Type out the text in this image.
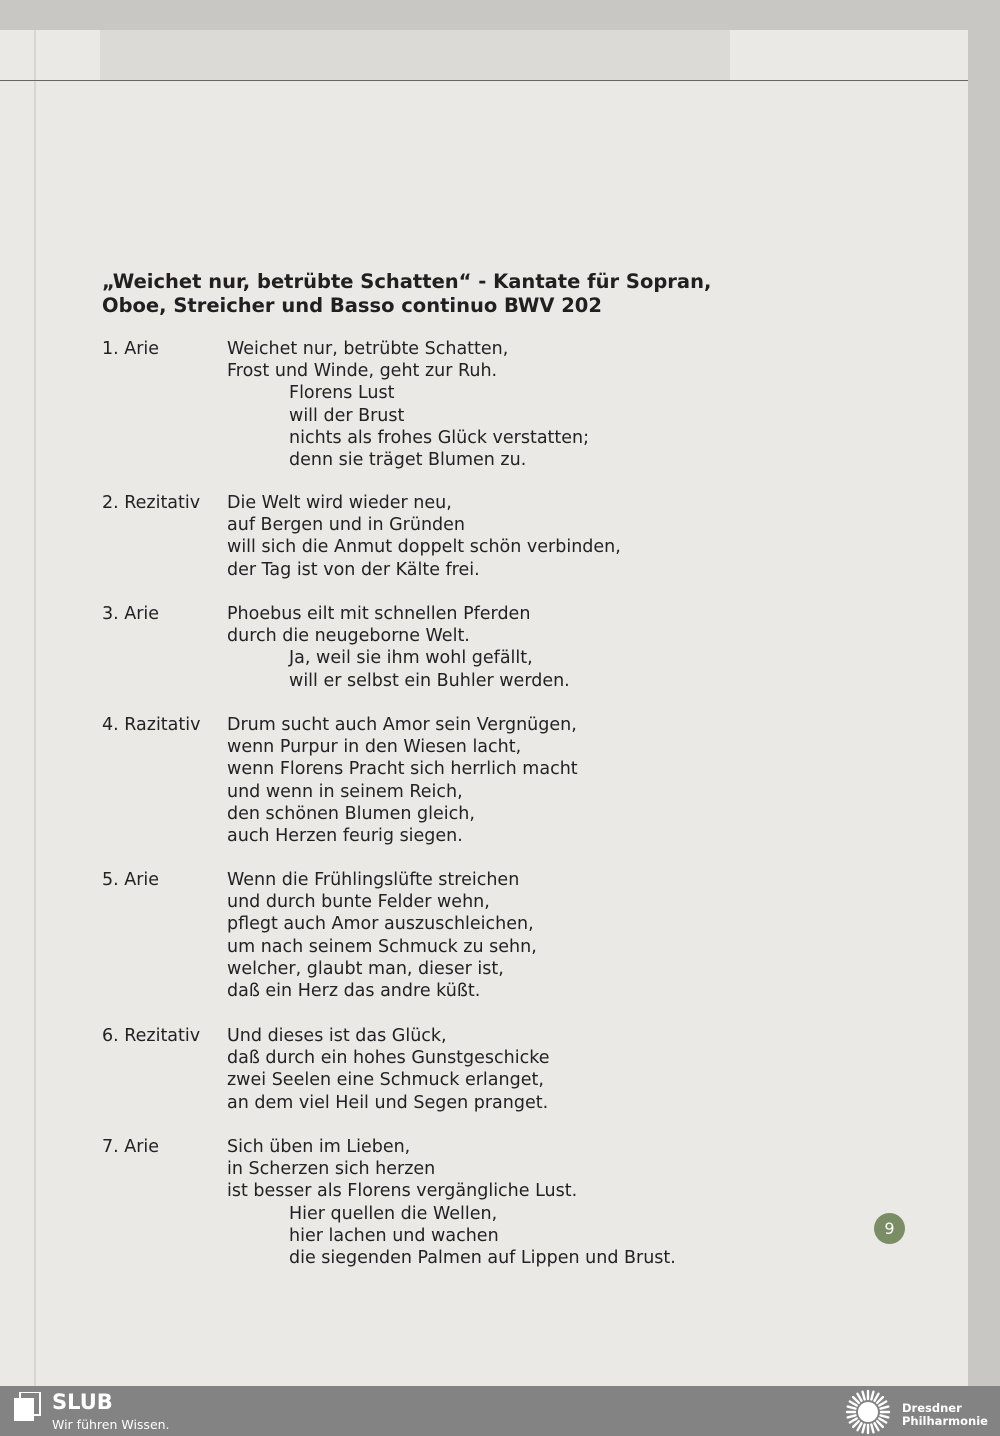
„Weichet nur, betrübte Schatten“ - Kantate für Sopran,
Oboe, Streicher und Basso continuo BWV 202
1. Arie	Weichet nur, betrübte Schatten,
Frost und Winde, geht zur Ruh.
Florens Lust
will der Brust
nichts als frohes Glück verstatten;
denn sie träget Blumen zu.
2. Rezitativ Die Welt wird wieder neu,
auf Bergen und in Gründen
will sich die Anmut doppelt schön verbinden,
der Tag ist von der Kälte frei.
3. Arie	Phoebus eilt mit schnellen Pferden
durch die neugeborne Welt.
Ja, weil sie ihm wohl gefällt,
will er selbst ein Buhler werden.
4. Razitativ Drum sucht auch Amor sein Vergnügen,
wenn Purpur in den Wiesen lacht,
wenn Florens Pracht sich herrlich macht
und wenn in seinem Reich,
den schönen Blumen gleich,
auch Herzen feurig siegen.
5. Arie	Wenn die Frühlingslüfte streichen
und durch bunte Felder wehn,
pflegt auch Amor auszuschleichen,
um nach seinem Schmuck zu sehn,
welcher, glaubt man, dieser ist,
daß ein Herz das andre küßt.
6. Rezitativ Und dieses ist das Glück,
daß durch ein hohes Gunstgeschicke
zwei Seelen eine Schmuck erlanget,
an dem viel Heil und Segen pranget.
7. Arie	Sich üben im Lieben,
in Scherzen sich herzen
ist besser als Florens vergängliche Lust.
Hier quellen die Wellen,
hier lachen und wachen
die siegenden Palmen auf Lippen und Brust.
9
SLUB
Wir führen Wissen.
Dresdner
Philharmonie
